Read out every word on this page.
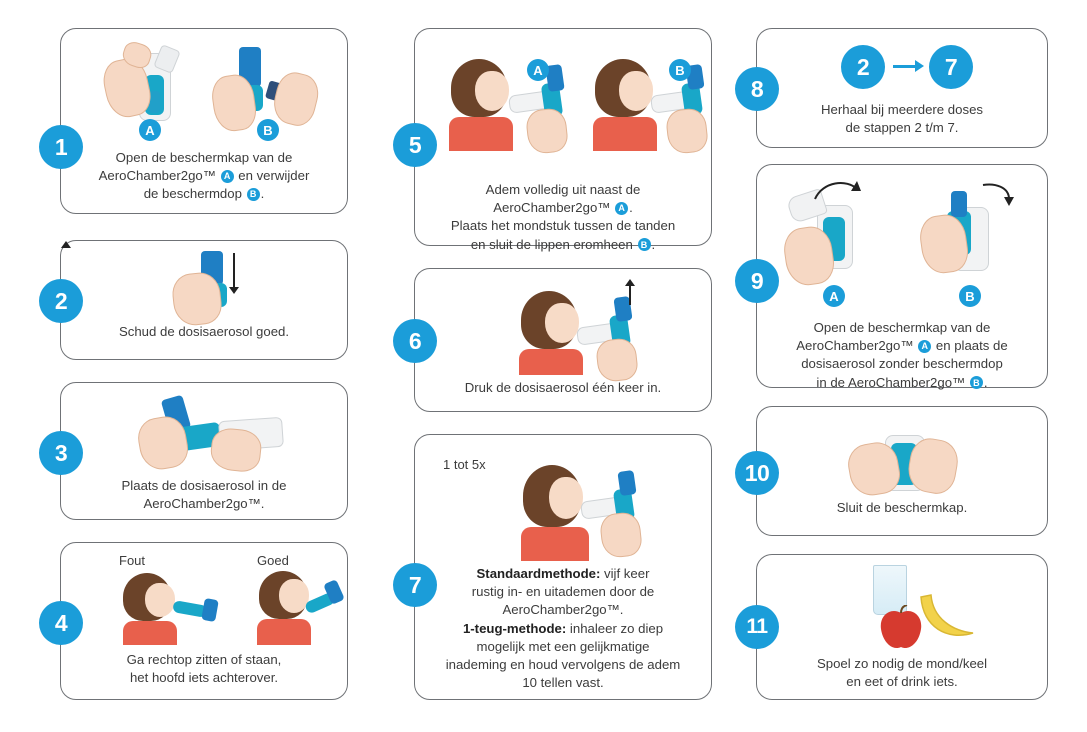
A	B
Open de beschermkap van de
AeroChamber2go™ A en verwijder
de beschermdop B .
1
Schud de dosisaerosol goed.
2
Plaats de dosisaerosol in de
AeroChamber2go™.
3
Fout	Goed
Ga rechtop zitten of staan,
het hoofd iets achterover.
4
A	B
Adem volledig uit naast de
AeroChamber2go™ A .
Plaats het mondstuk tussen de tanden
en sluit de lippen eromheen B .
5
Druk de dosisaerosol één keer in.
6
1 tot 5x
Standaardmethode: vijf keer
rustig in- en uitademen door de
AeroChamber2go™.
1-teug-methode: inhaleer zo diep
mogelijk met een gelijkmatige
inademing en houd vervolgens de adem
10 tellen vast.
7
2	7
Herhaal bij meerdere doses
de stappen 2 t/m 7.
8
A	B
Open de beschermkap van de
AeroChamber2go™ A en plaats de
dosisaerosol zonder beschermdop
in de AeroChamber2go™ B .
9
Sluit de beschermkap.
10
Spoel zo nodig de mond/keel
en eet of drink iets.
11
